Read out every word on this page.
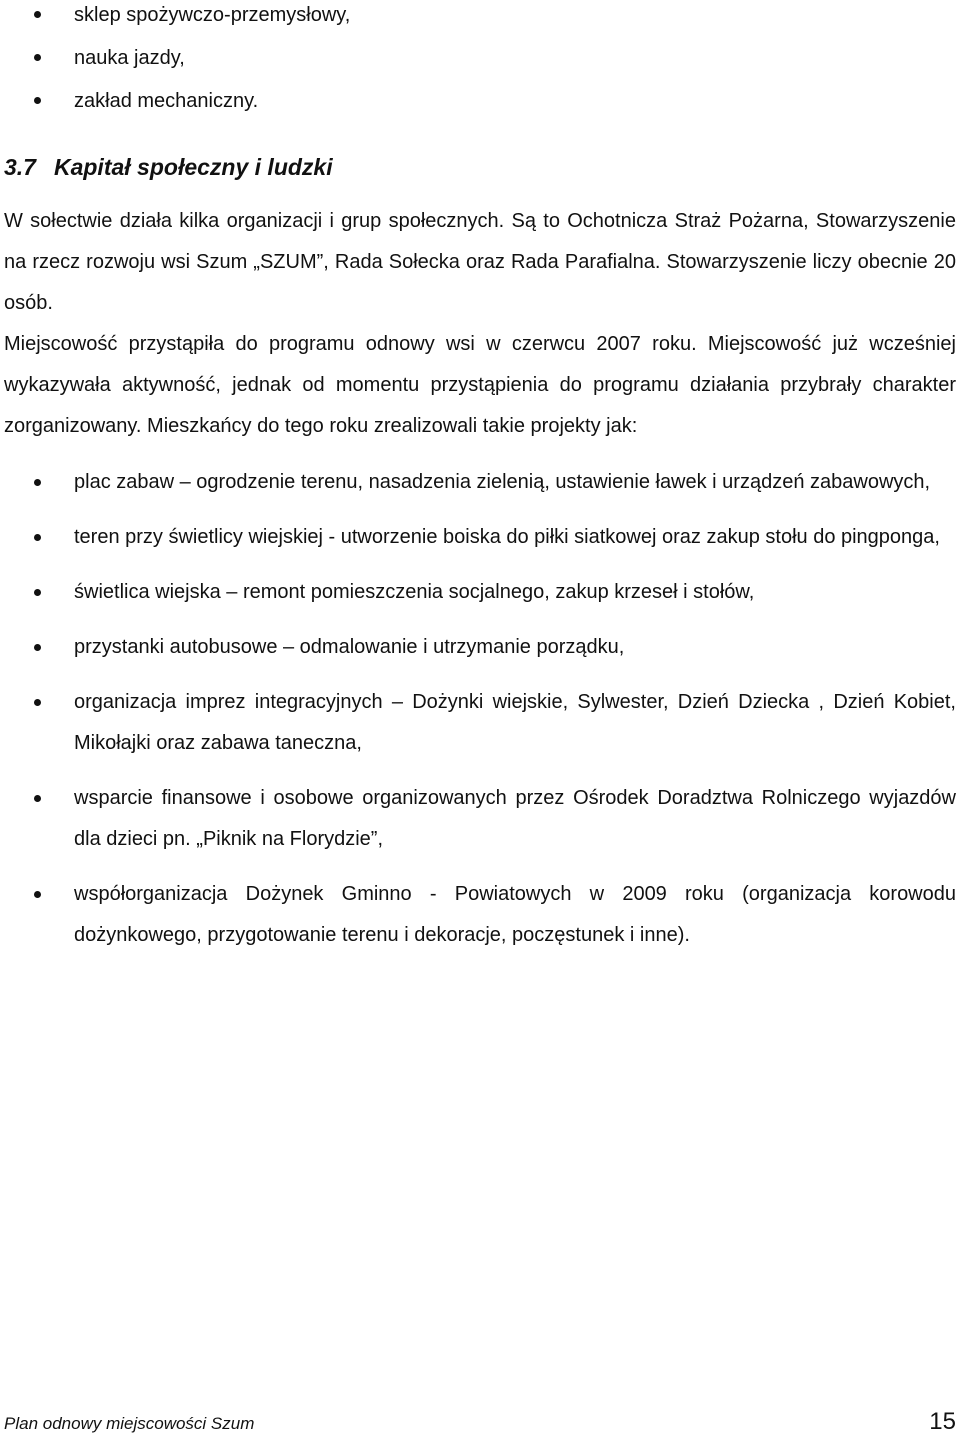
sklep spożywczo-przemysłowy,
nauka jazdy,
zakład mechaniczny.
3.7 Kapitał społeczny i ludzki

W sołectwie działa kilka organizacji i grup społecznych. Są to Ochotnicza Straż Pożarna, Stowarzyszenie na rzecz rozwoju wsi Szum „SZUM”, Rada Sołecka oraz Rada Parafialna. Stowarzyszenie liczy obecnie 20 osób.

Miejscowość przystąpiła do programu odnowy wsi w czerwcu 2007 roku. Miejscowość już wcześniej wykazywała aktywność, jednak od momentu przystąpienia do programu działania przybrały charakter zorganizowany. Mieszkańcy do tego roku zrealizowali takie projekty jak:

plac zabaw – ogrodzenie terenu, nasadzenia zielenią, ustawienie ławek i urządzeń zabawowych,
teren przy świetlicy wiejskiej - utworzenie boiska do piłki siatkowej oraz zakup stołu do pingponga,
świetlica wiejska – remont pomieszczenia socjalnego, zakup krzeseł i stołów,
przystanki autobusowe – odmalowanie i utrzymanie porządku,
organizacja imprez integracyjnych – Dożynki wiejskie, Sylwester, Dzień Dziecka , Dzień Kobiet, Mikołajki oraz zabawa taneczna,
wsparcie finansowe i osobowe organizowanych przez Ośrodek Doradztwa Rolniczego wyjazdów dla dzieci pn. „Piknik na Florydzie”,
współorganizacja Dożynek Gminno - Powiatowych w 2009 roku (organizacja korowodu dożynkowego, przygotowanie terenu i dekoracje, poczęstunek i inne).
Plan odnowy miejscowości Szum	15
